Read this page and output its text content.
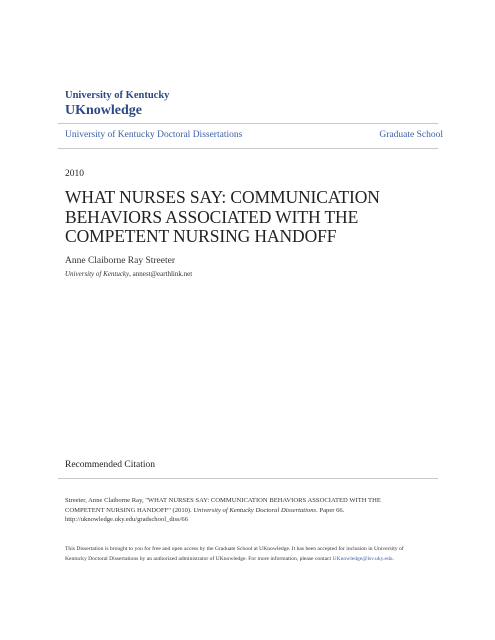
University of Kentucky
UKnowledge
University of Kentucky Doctoral Dissertations	Graduate School
2010
WHAT NURSES SAY: COMMUNICATION
BEHAVIORS ASSOCIATED WITH THE
COMPETENT NURSING HANDOFF
Anne Claiborne Ray Streeter
University of Kentucky, annest@earthlink.net
Recommended Citation
Streeter, Anne Claiborne Ray, "WHAT NURSES SAY: COMMUNICATION BEHAVIORS ASSOCIATED WITH THE
COMPETENT NURSING HANDOFF" (2010). University of Kentucky Doctoral Dissertations. Paper 66.
http://uknowledge.uky.edu/gradschool_diss/66
This Dissertation is brought to you for free and open access by the Graduate School at UKnowledge. It has been accepted for inclusion in University of
Kentucky Doctoral Dissertations by an authorized administrator of UKnowledge. For more information, please contact UKnowledge@lsv.uky.edu.
